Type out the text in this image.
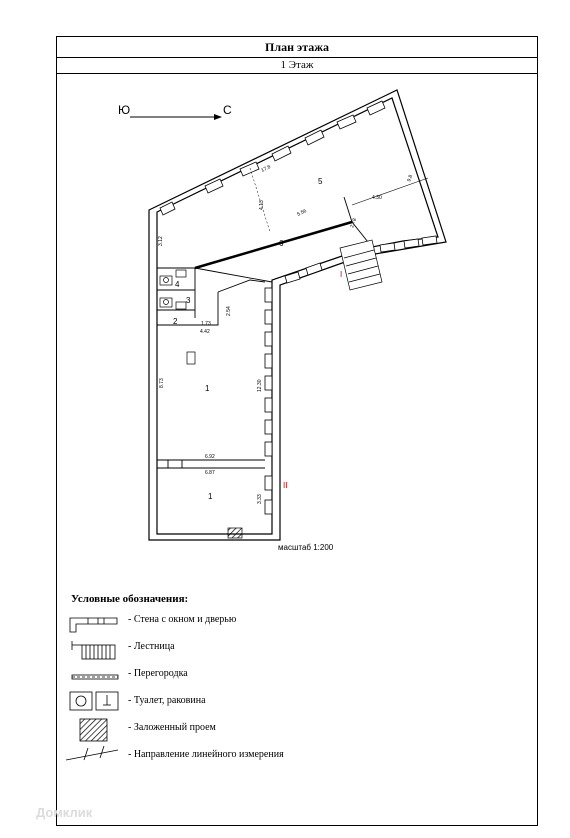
План этажа
1 Этаж
Ю	С
5
6
4
3
2
1
1
3.12
17.8
4.13
5.56
4.30
9.8
2.78
1.73
4.42
2.54
8.73	12.30
6.92
6.87
3.33
I
II
масштаб 1:200
Условные обозначения:
- Стена с окном и дверью
- Лестница
- Перегородка
- Туалет, раковина
- Заложенный проем
- Направление линейного измерения
Домклик
